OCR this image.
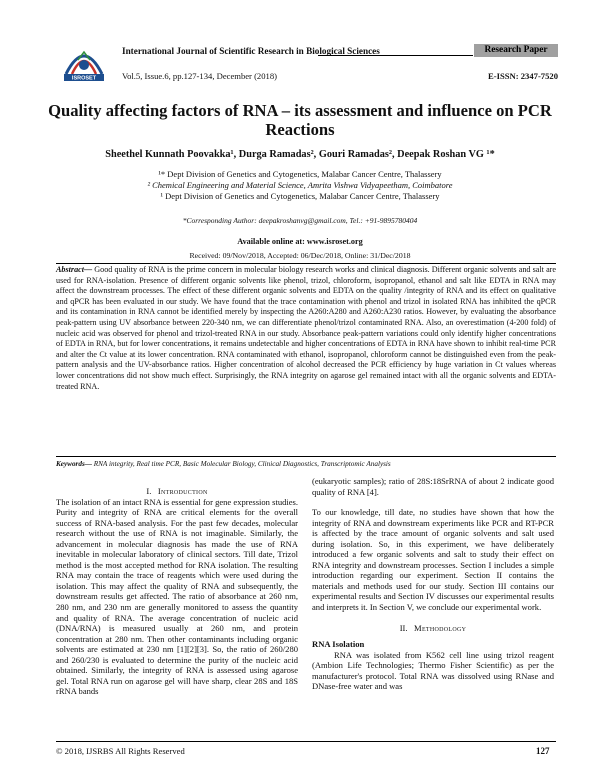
ISROSET
International Journal of Scientific Research in Biological Sciences	Research Paper
Vol.5, Issue.6, pp.127-134, December (2018)	E-ISSN: 2347-7520
Quality affecting factors of RNA – its assessment and influence on PCR Reactions
Sheethel Kunnath Poovakka¹, Durga Ramadas², Gouri Ramadas², Deepak Roshan VG ¹*
¹* Dept Division of Genetics and Cytogenetics, Malabar Cancer Centre, Thalassery
² Chemical Engineering and Material Science, Amrita Vishwa Vidyapeetham, Coimbatore
¹ Dept Division of Genetics and Cytogenetics, Malabar Cancer Centre, Thalassery
*Corresponding Author: deepakroshanvg@gmail.com, Tel.: +91-9895780404
Available online at: www.isroset.org
Received: 09/Nov/2018, Accepted: 06/Dec/2018, Online: 31/Dec/2018
Abstract— Good quality of RNA is the prime concern in molecular biology research works and clinical diagnosis. Different organic solvents and salt are used for RNA-isolation. Presence of different organic solvents like phenol, trizol, chloroform, isopropanol, ethanol and salt like EDTA in RNA may affect the downstream processes. The effect of these different organic solvents and EDTA on the quality /integrity of RNA and its effect on qualitative and qPCR has been evaluated in our study. We have found that the trace contamination with phenol and trizol in isolated RNA has inhibited the qPCR and its contamination in RNA cannot be identified merely by inspecting the A260:A280 and A260:A230 ratios. However, by evaluating the absorbance peak-pattern using UV absorbance between 220-340 nm, we can differentiate phenol/trizol contaminated RNA. Also, an overestimation (4-200 fold) of nucleic acid was observed for phenol and trizol-treated RNA in our study. Absorbance peak-pattern variations could only identify higher concentrations of EDTA in RNA, but for lower concentrations, it remains undetectable and higher concentrations of EDTA in RNA have shown to inhibit real-time PCR and alter the Ct value at its lower concentration. RNA contaminated with ethanol, isopropanol, chloroform cannot be distinguished even from the peak-pattern analysis and the UV-absorbance ratios. Higher concentration of alcohol decreased the PCR efficiency by huge variation in Ct values whereas lower concentrations did not show much effect. Surprisingly, the RNA integrity on agarose gel remained intact with all the organic solvents and EDTA-treated RNA.
Keywords— RNA integrity, Real time PCR, Basic Molecular Biology, Clinical Diagnostics, Transcriptomic Analysis

I. Introduction

The isolation of an intact RNA is essential for gene expression studies. Purity and integrity of RNA are critical elements for the overall success of RNA-based analysis. For the past few decades, molecular research without the use of RNA is not imaginable. Similarly, the advancement in molecular diagnosis has made the use of RNA inevitable in molecular laboratory of clinical sectors. Till date, Trizol method is the most accepted method for RNA isolation. The resulting RNA may contain the trace of reagents which were used during the isolation. This may affect the quality of RNA and subsequently, the downstream results get affected. The ratio of absorbance at 260 nm, 280 nm, and 230 nm are generally monitored to assess the quantity and quality of RNA. The average concentration of nucleic acid (DNA/RNA) is measured usually at 260 nm, and protein concentration at 280 nm. Then other contaminants including organic solvents are estimated at 230 nm [1][2][3]. So, the ratio of 260/280 and 260/230 is evaluated to determine the purity of the nucleic acid obtained. Similarly, the integrity of RNA is assessed using agarose gel. Total RNA run on agarose gel will have sharp, clear 28S and 18S rRNA bands

(eukaryotic samples); ratio of 28S:18SrRNA of about 2 indicate good quality of RNA [4].

To our knowledge, till date, no studies have shown that how the integrity of RNA and downstream experiments like PCR and RT-PCR is affected by the trace amount of organic solvents and salt used during isolation. So, in this experiment, we have deliberately introduced a few organic solvents and salt to study their effect on RNA integrity and downstream processes. Section I includes a simple introduction regarding our experiment. Section II contains the materials and methods used for our study. Section III contains our experimental results and Section IV discusses our experimental results and interprets it. In Section V, we conclude our experimental work.

II. Methodology

RNA Isolation

RNA was isolated from K562 cell line using trizol reagent (Ambion Life Technologies; Thermo Fisher Scientific) as per the manufacturer's protocol. Total RNA was dissolved using RNase and DNase-free water and was

© 2018, IJSRBS All Rights Reserved	127
